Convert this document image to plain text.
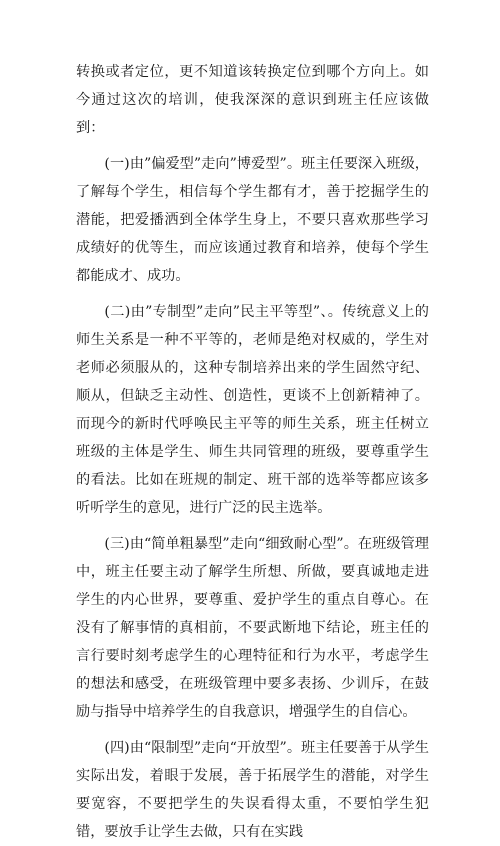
转换或者定位，更不知道该转换定位到哪个方向上。如今通过这次的培训，使我深深的意识到班主任应该做到：

(一)由”偏爱型”走向”博爱型”。班主任要深入班级，了解每个学生，相信每个学生都有才，善于挖掘学生的潜能，把爱播洒到全体学生身上，不要只喜欢那些学习成绩好的优等生，而应该通过教育和培养，使每个学生都能成才、成功。

(二)由”专制型”走向”民主平等型”、。传统意义上的师生关系是一种不平等的，老师是绝对权威的，学生对老师必须服从的，这种专制培养出来的学生固然守纪、顺从，但缺乏主动性、创造性，更谈不上创新精神了。而现今的新时代呼唤民主平等的师生关系，班主任树立班级的主体是学生、师生共同管理的班级，要尊重学生的看法。比如在班规的制定、班干部的选举等都应该多听听学生的意见，进行广泛的民主选举。

(三)由“简单粗暴型”走向“细致耐心型”。在班级管理中，班主任要主动了解学生所想、所做，要真诚地走进学生的内心世界，要尊重、爱护学生的重点自尊心。在没有了解事情的真相前，不要武断地下结论，班主任的言行要时刻考虑学生的心理特征和行为水平，考虑学生的想法和感受，在班级管理中要多表扬、少训斥，在鼓励与指导中培养学生的自我意识，增强学生的自信心。

(四)由“限制型”走向“开放型”。班主任要善于从学生实际出发，着眼于发展，善于拓展学生的潜能，对学生要宽容，不要把学生的失误看得太重，不要怕学生犯错，要放手让学生去做，只有在实践
